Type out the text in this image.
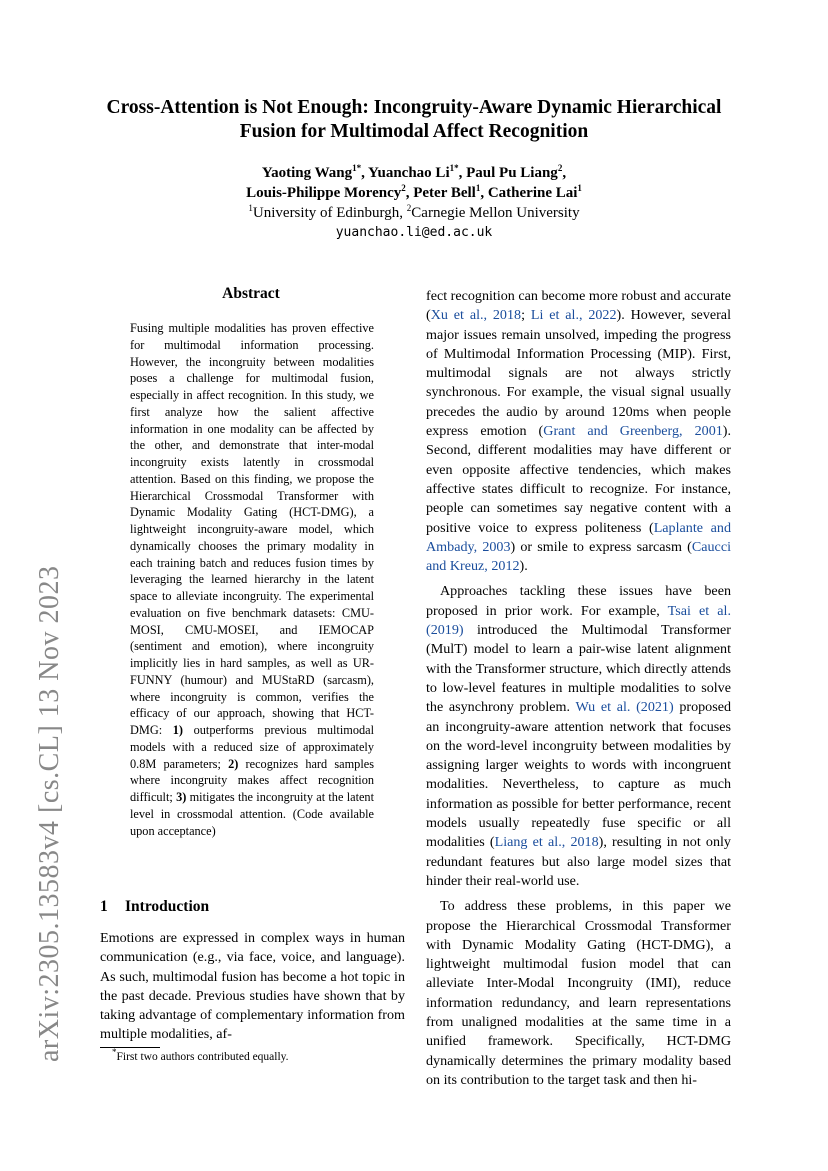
arXiv:2305.13583v4 [cs.CL] 13 Nov 2023
Cross-Attention is Not Enough: Incongruity-Aware Dynamic Hierarchical
Fusion for Multimodal Affect Recognition
Yaoting Wang$^{1*}$, Yuanchao $Li^{1*}$, Paul Pu Liang$^2$,
Louis-Philippe Morency$^2$, Peter Bell$^1$, Catherine Lai$^1$
$^1$University of Edinburgh, $^2$Carnegie Mellon University
yuanchao.li@ed.ac.uk
Abstract
Fusing multiple modalities has proven effective for multimodal information processing. However, the incongruity between modalities poses a challenge for multimodal fusion, especially in affect recognition. In this study, we first analyze how the salient affective information in one modality can be affected by the other, and demonstrate that inter-modal incongruity exists latently in crossmodal attention. Based on this finding, we propose the Hierarchical Crossmodal Transformer with Dynamic Modality Gating (HCT-DMG), a lightweight incongruity-aware model, which dynamically chooses the primary modality in each training batch and reduces fusion times by leveraging the learned hierarchy in the latent space to alleviate incongruity. The experimental evaluation on five benchmark datasets: CMU-MOSI, CMU-MOSEI, and IEMOCAP (sentiment and emotion), where incongruity implicitly lies in hard samples, as well as UR-FUNNY (humour) and MUStaRD (sarcasm), where incongruity is common, verifies the efficacy of our approach, showing that HCT-DMG: 1) outperforms previous multimodal models with a reduced size of approximately 0.8M parameters; 2) recognizes hard samples where incongruity makes affect recognition difficult; 3) mitigates the incongruity at the latent level in crossmodal attention. (Code available upon acceptance)
1 Introduction

Emotions are expressed in complex ways in human communication (e.g., via face, voice, and language). As such, multimodal fusion has become a hot topic in the past decade. Previous studies have shown that by taking advantage of complementary information from multiple modalities, af-

fect recognition can become more robust and accurate (Xu et al., 2018; Li et al., 2022). However, several major issues remain unsolved, impeding the progress of Multimodal Information Processing (MIP). First, multimodal signals are not always strictly synchronous. For example, the visual signal usually precedes the audio by around 120ms when people express emotion (Grant and Greenberg, 2001). Second, different modalities may have different or even opposite affective tendencies, which makes affective states difficult to recognize. For instance, people can sometimes say negative content with a positive voice to express politeness (Laplante and Ambady, 2003) or smile to express sarcasm (Caucci and Kreuz, 2012).

Approaches tackling these issues have been proposed in prior work. For example, Tsai et al. (2019) introduced the Multimodal Transformer (MulT) model to learn a pair-wise latent alignment with the Transformer structure, which directly attends to low-level features in multiple modalities to solve the asynchrony problem. Wu et al. (2021) proposed an incongruity-aware attention network that focuses on the word-level incongruity between modalities by assigning larger weights to words with incongruent modalities. Nevertheless, to capture as much information as possible for better performance, recent models usually repeatedly fuse specific or all modalities (Liang et al., 2018), resulting in not only redundant features but also large model sizes that hinder their real-world use.

To address these problems, in this paper we propose the Hierarchical Crossmodal Transformer with Dynamic Modality Gating (HCT-DMG), a lightweight multimodal fusion model that can alleviate Inter-Modal Incongruity (IMI), reduce information redundancy, and learn representations from unaligned modalities at the same time in a unified framework. Specifically, HCT-DMG dynamically determines the primary modality based on its contribution to the target task and then hi-

*First two authors contributed equally.
